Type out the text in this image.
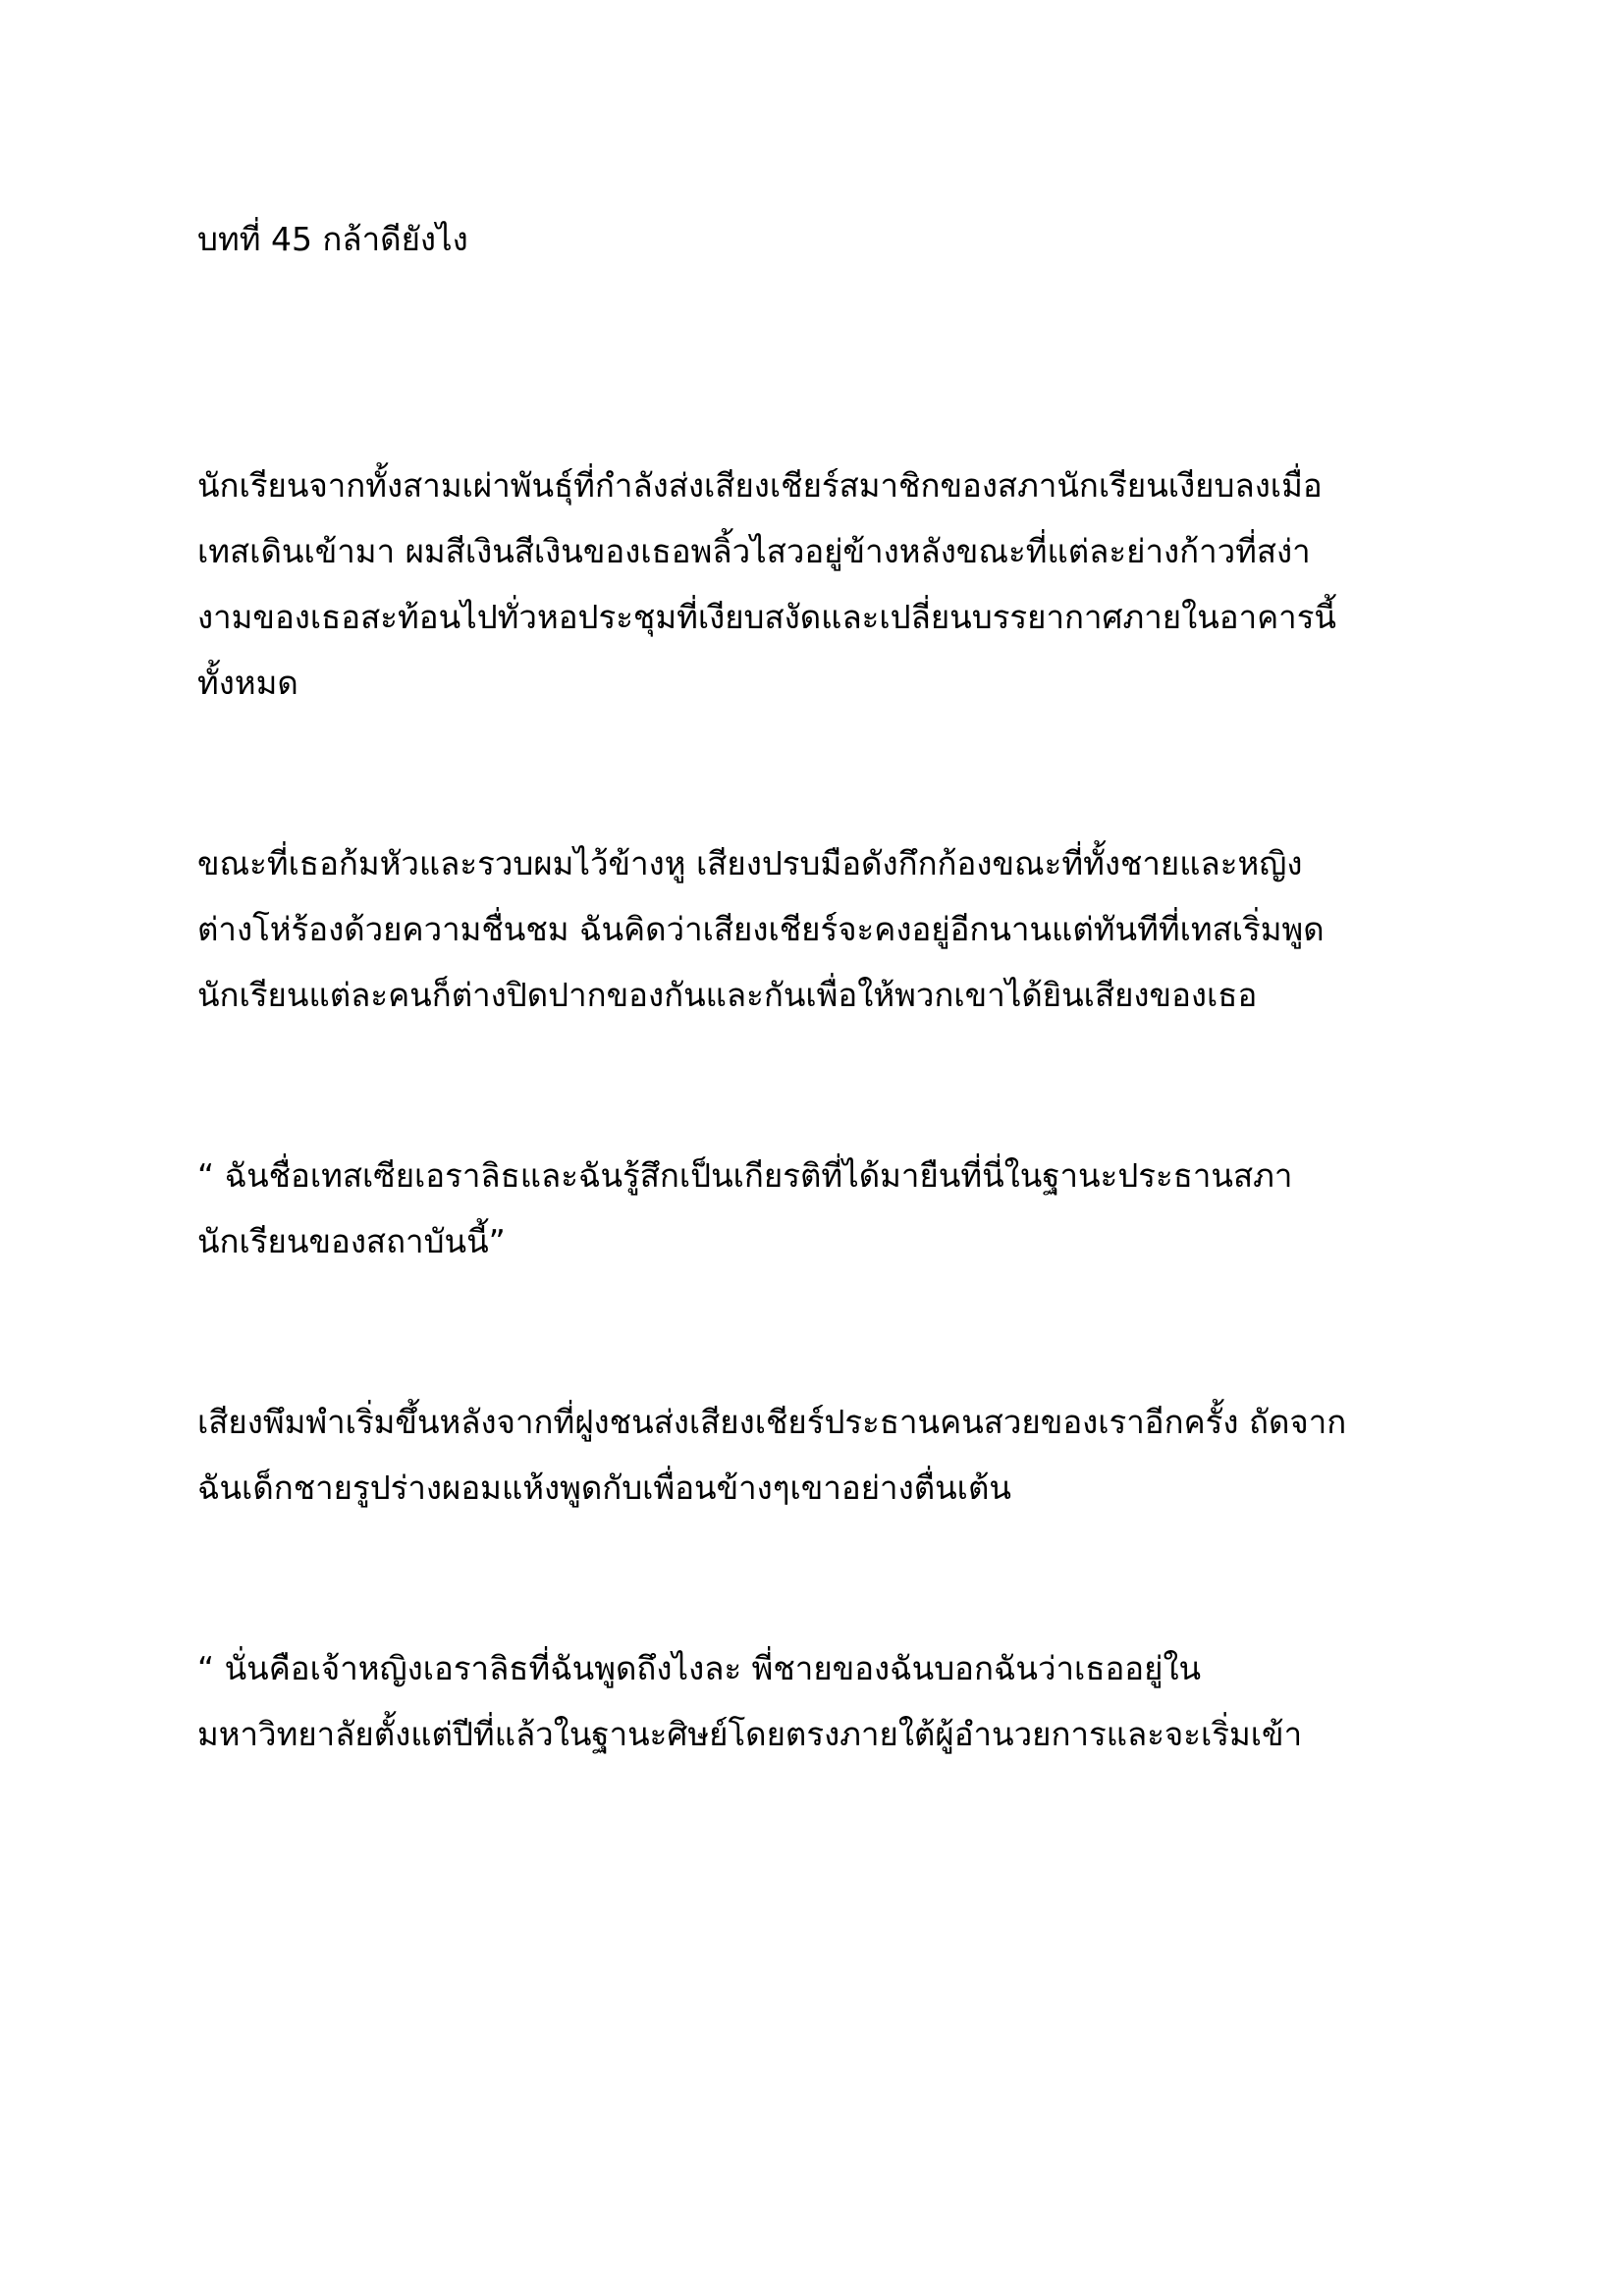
บทที่ 45 กล้าดียังไง
นักเรียนจากทั้งสามเผ่าพันธุ์ที่กำลังส่งเสียงเชียร์สมาชิกของสภานักเรียนเงียบลงเมื่อ
เทสเดินเข้ามา ผมสีเงินสีเงินของเธอพลิ้วไสวอยู่ข้างหลังขณะที่แต่ละย่างก้าวที่สง่า
งามของเธอสะท้อนไปทั่วหอประชุมที่เงียบสงัดและเปลี่ยนบรรยากาศภายในอาคารนี้
ทั้งหมด
ขณะที่เธอก้มหัวและรวบผมไว้ข้างหู เสียงปรบมือดังกึกก้องขณะที่ทั้งชายและหญิง
ต่างโห่ร้องด้วยความชื่นชม ฉันคิดว่าเสียงเชียร์จะคงอยู่อีกนานแต่ทันทีที่เทสเริ่มพูด
นักเรียนแต่ละคนก็ต่างปิดปากของกันและกันเพื่อให้พวกเขาได้ยินเสียงของเธอ
“ ฉันชื่อเทสเซียเอราลิธและฉันรู้สึกเป็นเกียรติที่ได้มายืนที่นี่ในฐานะประธานสภา
นักเรียนของสถาบันนี้”
เสียงพึมพำเริ่มขึ้นหลังจากที่ฝูงชนส่งเสียงเชียร์ประธานคนสวยของเราอีกครั้ง ถัดจาก
ฉันเด็กชายรูปร่างผอมแห้งพูดกับเพื่อนข้างๆเขาอย่างตื่นเต้น
“ นั่นคือเจ้าหญิงเอราลิธที่ฉันพูดถึงไงละ พี่ชายของฉันบอกฉันว่าเธออยู่ใน
มหาวิทยาลัยตั้งแต่ปีที่แล้วในฐานะศิษย์โดยตรงภายใต้ผู้อำนวยการและจะเริ่มเข้า
